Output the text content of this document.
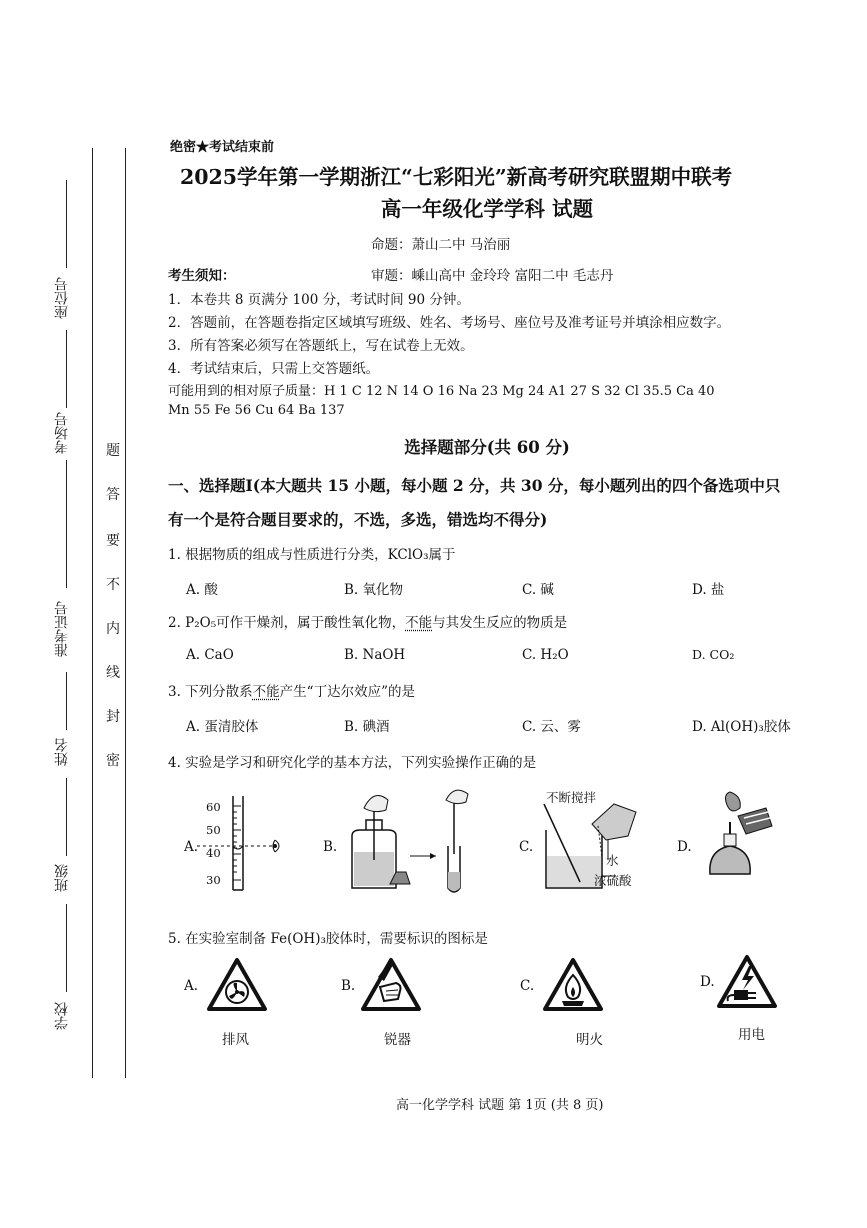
座位号
考场号
准考证号
姓名
班级
学校
题
答
要
不
内
线
封
密
绝密★考试结束前
2025学年第一学期浙江“七彩阳光”新高考研究联盟期中联考
高一年级化学学科 试题
命题：萧山二中 马治丽
考生须知：	审题：嵊山高中 金玲玲 富阳二中 毛志丹
1．本卷共 8 页满分 100 分，考试时间 90 分钟。
2．答题前，在答题卷指定区域填写班级、姓名、考场号、座位号及准考证号并填涂相应数字。
3．所有答案必须写在答题纸上，写在试卷上无效。
4．考试结束后，只需上交答题纸。
可能用到的相对原子质量：H 1 C 12 N 14 O 16 Na 23 Mg 24 A1 27 S 32 Cl 35.5 Ca 40
Mn 55 Fe 56 Cu 64 Ba 137
选择题部分(共 60 分)
一、选择题Ⅰ(本大题共 15 小题，每小题 2 分，共 30 分，每小题列出的四个备选项中只
有一个是符合题目要求的，不选，多选，错选均不得分)
1. 根据物质的组成与性质进行分类，KClO₃属于
A. 酸	B. 氧化物	C. 碱	D. 盐
2. P₂O₅可作干燥剂，属于酸性氧化物，不能与其发生反应的物质是
A. CaO	B. NaOH	C. H₂O	D. CO₂
3. 下列分散系不能产生“丁达尔效应”的是
A. 蛋清胶体	B. 碘酒	C. 云、雾	D. Al(OH)₃胶体
4. 实验是学习和研究化学的基本方法，下列实验操作正确的是
A.
60
50
40
30
B.	C.
不断搅拌
水
浓硫酸
D.
5. 在实验室制备 Fe(OH)₃胶体时，需要标识的图标是
A.
排风
B.
锐器
C.
明火
D.
用电
高一化学学科 试题 第 1页 (共 8 页)
